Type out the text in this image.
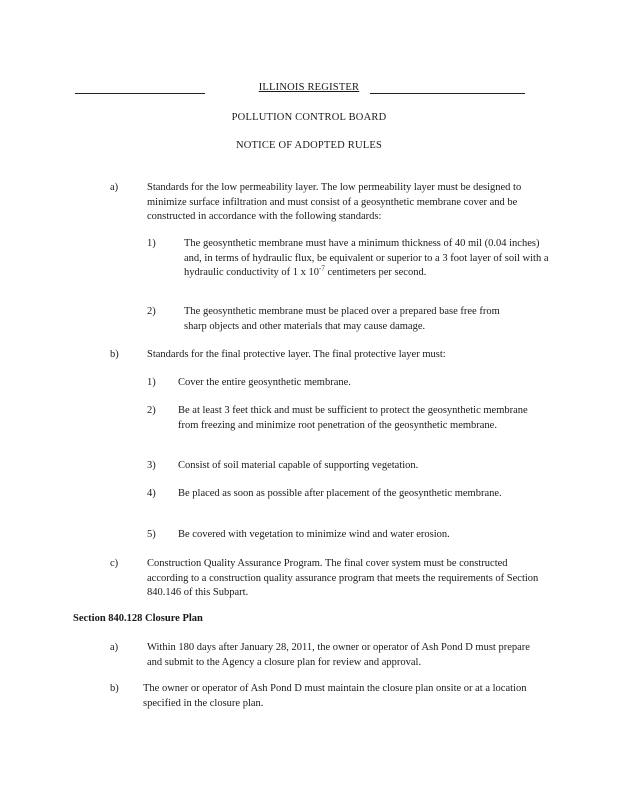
ILLINOIS REGISTER
POLLUTION CONTROL BOARD
NOTICE OF ADOPTED RULES
a)	Standards for the low permeability layer. The low permeability layer must be designed to minimize surface infiltration and must consist of a geosynthetic membrane cover and be constructed in accordance with the following standards:
1)	The geosynthetic membrane must have a minimum thickness of 40 mil (0.04 inches) and, in terms of hydraulic flux, be equivalent or superior to a 3 foot layer of soil with a hydraulic conductivity of 1 x $10^{-7}$ centimeters per second.
2)	The geosynthetic membrane must be placed over a prepared base free from sharp objects and other materials that may cause damage.
b)	Standards for the final protective layer. The final protective layer must:
1) Cover the entire geosynthetic membrane.
2) Be at least 3 feet thick and must be sufficient to protect the geosynthetic membrane from freezing and minimize root penetration of the geosynthetic membrane.
3) Consist of soil material capable of supporting vegetation.
4) Be placed as soon as possible after placement of the geosynthetic membrane.
5) Be covered with vegetation to minimize wind and water erosion.
c)	Construction Quality Assurance Program. The final cover system must be constructed according to a construction quality assurance program that meets the requirements of Section 840.146 of this Subpart.
Section 840.128 Closure Plan
a)	Within 180 days after January 28, 2011, the owner or operator of Ash Pond D must prepare and submit to the Agency a closure plan for review and approval.
b) The owner or operator of Ash Pond D must maintain the closure plan onsite or at a location specified in the closure plan.
